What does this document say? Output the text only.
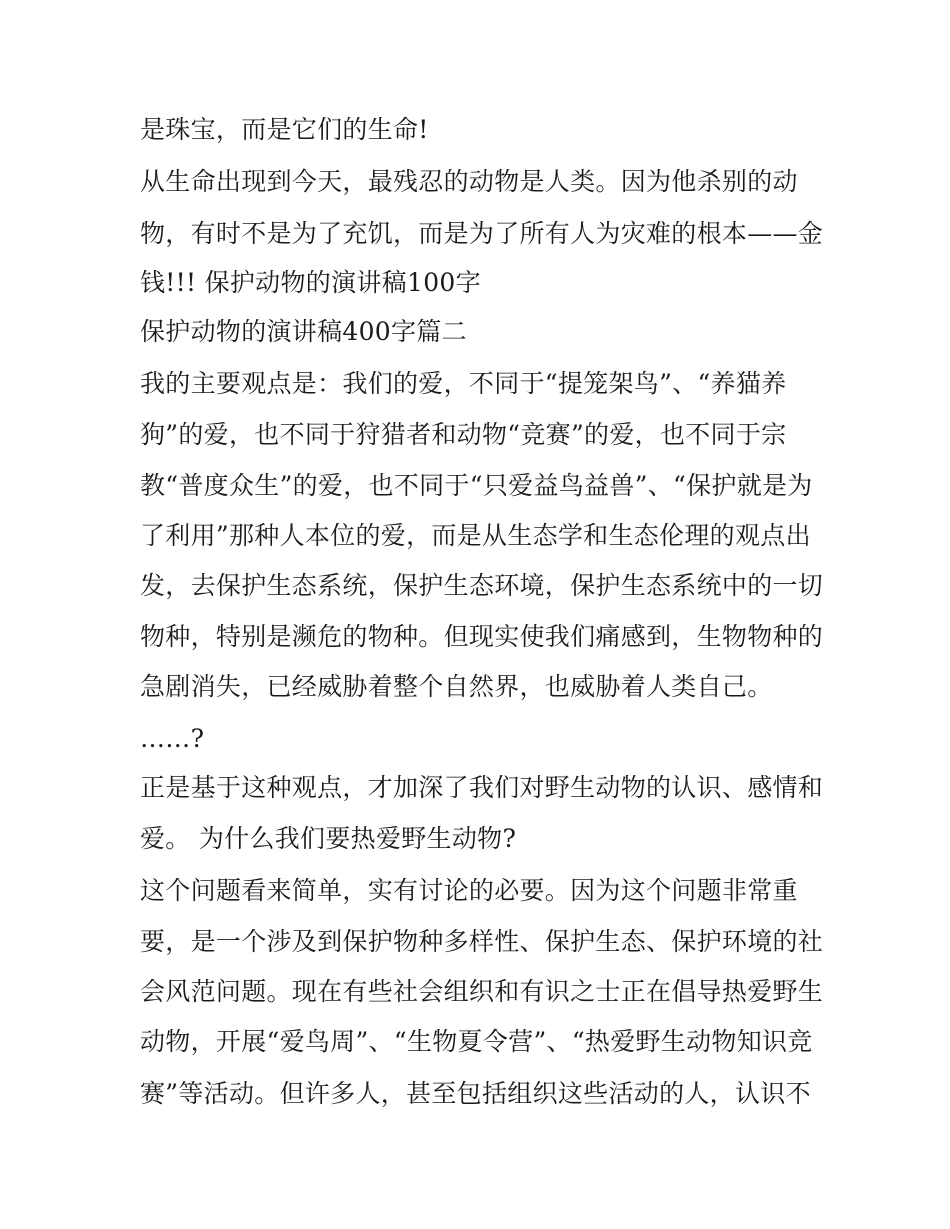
是珠宝，而是它们的生命!
从生命出现到今天，最残忍的动物是人类。因为他杀别的动
物，有时不是为了充饥，而是为了所有人为灾难的根本——金
钱!!! 保护动物的演讲稿100字
保护动物的演讲稿400字篇二
我的主要观点是：我们的爱，不同于“提笼架鸟”、“养猫养
狗”的爱，也不同于狩猎者和动物“竞赛”的爱，也不同于宗
教“普度众生”的爱，也不同于“只爱益鸟益兽”、“保护就是为
了利用”那种人本位的爱，而是从生态学和生态伦理的观点出
发，去保护生态系统，保护生态环境，保护生态系统中的一切
物种，特别是濒危的物种。但现实使我们痛感到，生物物种的
急剧消失，已经威胁着整个自然界，也威胁着人类自己。
……?
正是基于这种观点，才加深了我们对野生动物的认识、感情和
爱。 为什么我们要热爱野生动物?
这个问题看来简单，实有讨论的必要。因为这个问题非常重
要，是一个涉及到保护物种多样性、保护生态、保护环境的社
会风范问题。现在有些社会组织和有识之士正在倡导热爱野生
动物，开展“爱鸟周”、“生物夏令营”、“热爱野生动物知识竞
赛”等活动。但许多人，甚至包括组织这些活动的人，认识不
